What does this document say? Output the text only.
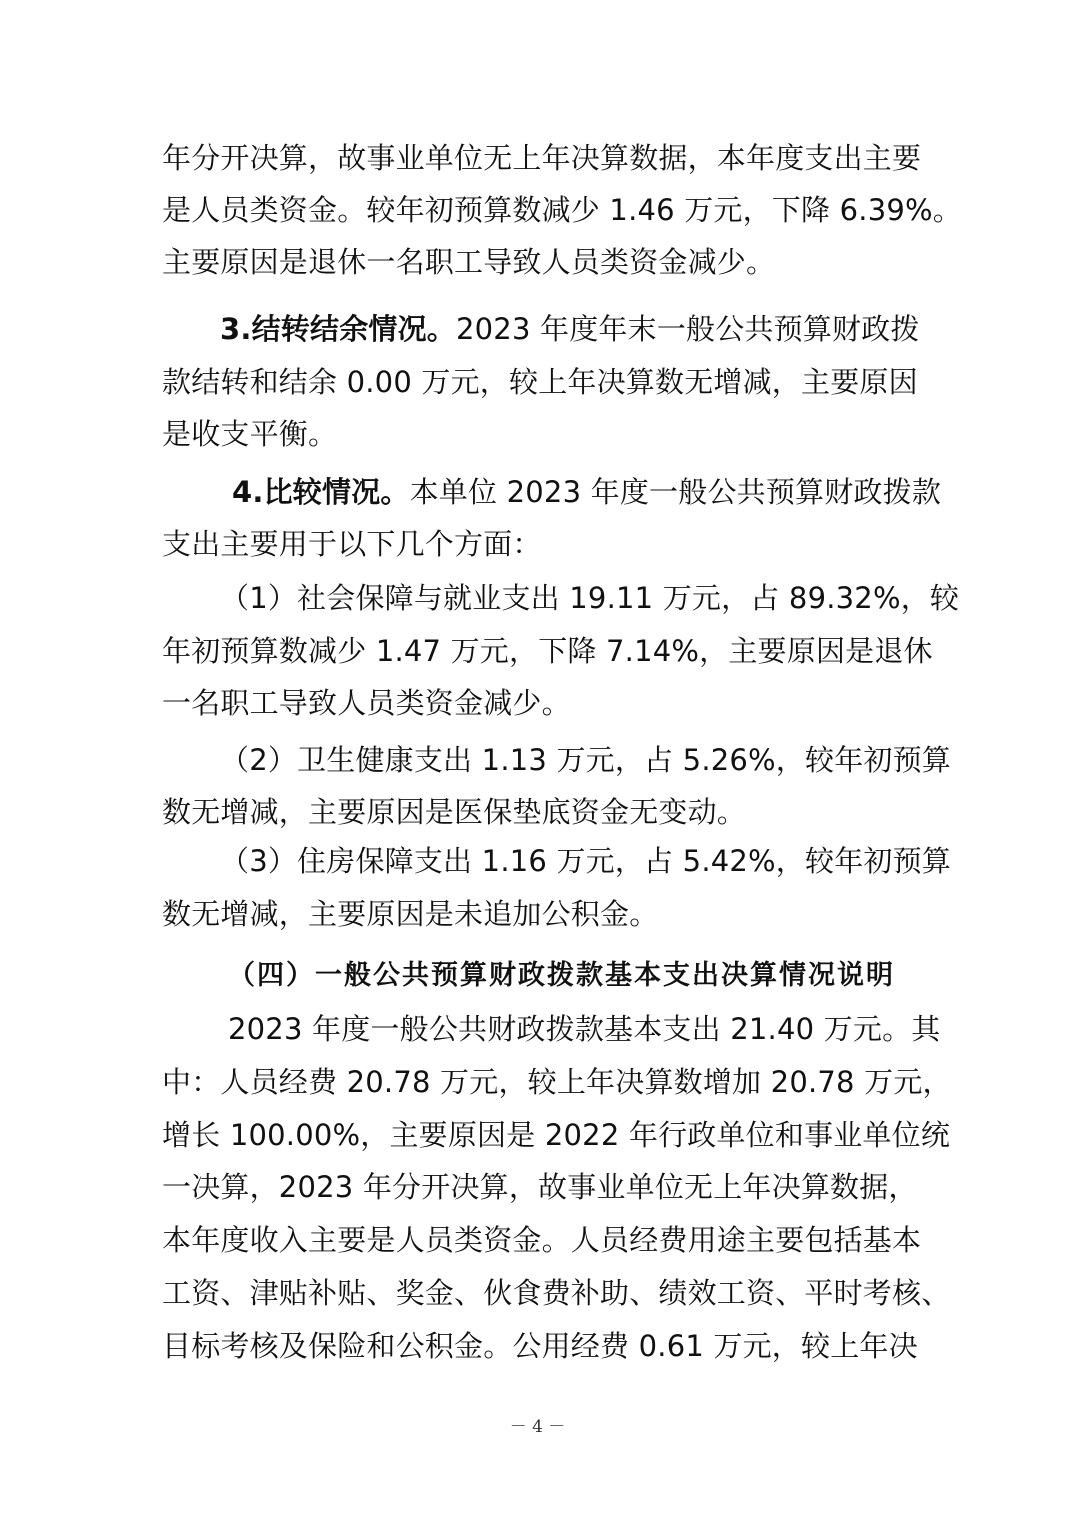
年分开决算，故事业单位无上年决算数据，本年度支出主要
是人员类资金。较年初预算数减少 1.46 万元，下降 6.39%。
主要原因是退休一名职工导致人员类资金减少。
3.结转结余情况。2023 年度年末一般公共预算财政拨
款结转和结余 0.00 万元，较上年决算数无增减，主要原因
是收支平衡。
4.比较情况。本单位 2023 年度一般公共预算财政拨款
支出主要用于以下几个方面：
（1）社会保障与就业支出 19.11 万元，占 89.32%，较
年初预算数减少 1.47 万元，下降 7.14%，主要原因是退休
一名职工导致人员类资金减少。
（2）卫生健康支出 1.13 万元，占 5.26%，较年初预算
数无增减，主要原因是医保垫底资金无变动。
（3）住房保障支出 1.16 万元，占 5.42%，较年初预算
数无增减，主要原因是未追加公积金。
（四）一般公共预算财政拨款基本支出决算情况说明
2023 年度一般公共财政拨款基本支出 21.40 万元。其
中：人员经费 20.78 万元，较上年决算数增加 20.78 万元，
增长 100.00%，主要原因是 2022 年行政单位和事业单位统
一决算，2023 年分开决算，故事业单位无上年决算数据，
本年度收入主要是人员类资金。人员经费用途主要包括基本
工资、津贴补贴、奖金、伙食费补助、绩效工资、平时考核、
目标考核及保险和公积金。公用经费 0.61 万元，较上年决
－ 4 －
